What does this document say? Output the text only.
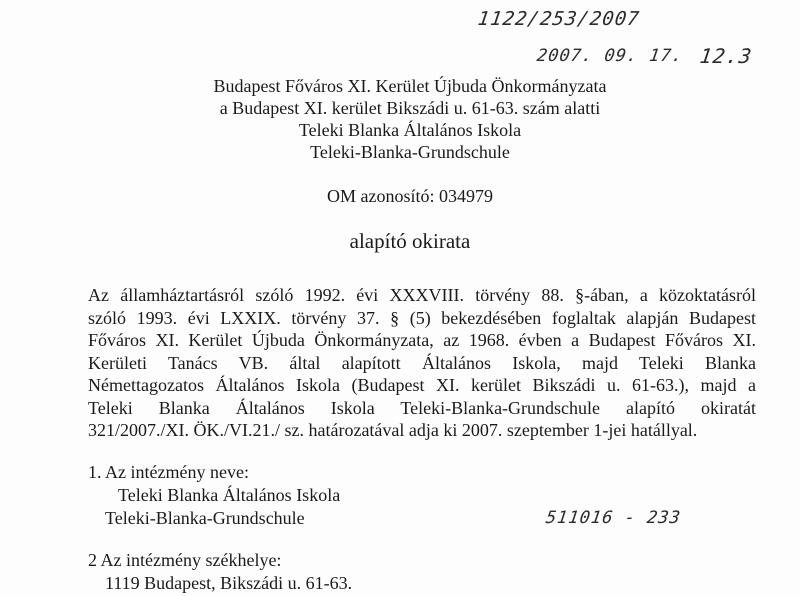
1122/253/2007
2007. 09. 17. 12.3
Budapest Főváros XI. Kerület Újbuda Önkormányzata
a Budapest XI. kerület Bikszádi u. 61-63. szám alatti
Teleki Blanka Általános Iskola
Teleki-Blanka-Grundschule
OM azonosító: 034979
alapító okirata
Az államháztartásról szóló 1992. évi XXXVIII. törvény 88. §-ában, a közoktatásról
szóló 1993. évi LXXIX. törvény 37. § (5) bekezdésében foglaltak alapján Budapest
Főváros XI. Kerület Újbuda Önkormányzata, az 1968. évben a Budapest Főváros XI.
Kerületi Tanács VB. által alapított Általános Iskola, majd Teleki Blanka
Némettagozatos Általános Iskola (Budapest XI. kerület Bikszádi u. 61-63.), majd a
Teleki Blanka Általános Iskola Teleki-Blanka-Grundschule alapító okiratát
321/2007./XI. ÖK./VI.21./ sz. határozatával adja ki 2007. szeptember 1-jei hatállyal.
1. Az intézmény neve:
Teleki Blanka Általános Iskola
Teleki-Blanka-Grundschule	511016 - 233
2 Az intézmény székhelye:
1119 Budapest, Bikszádi u. 61-63.
